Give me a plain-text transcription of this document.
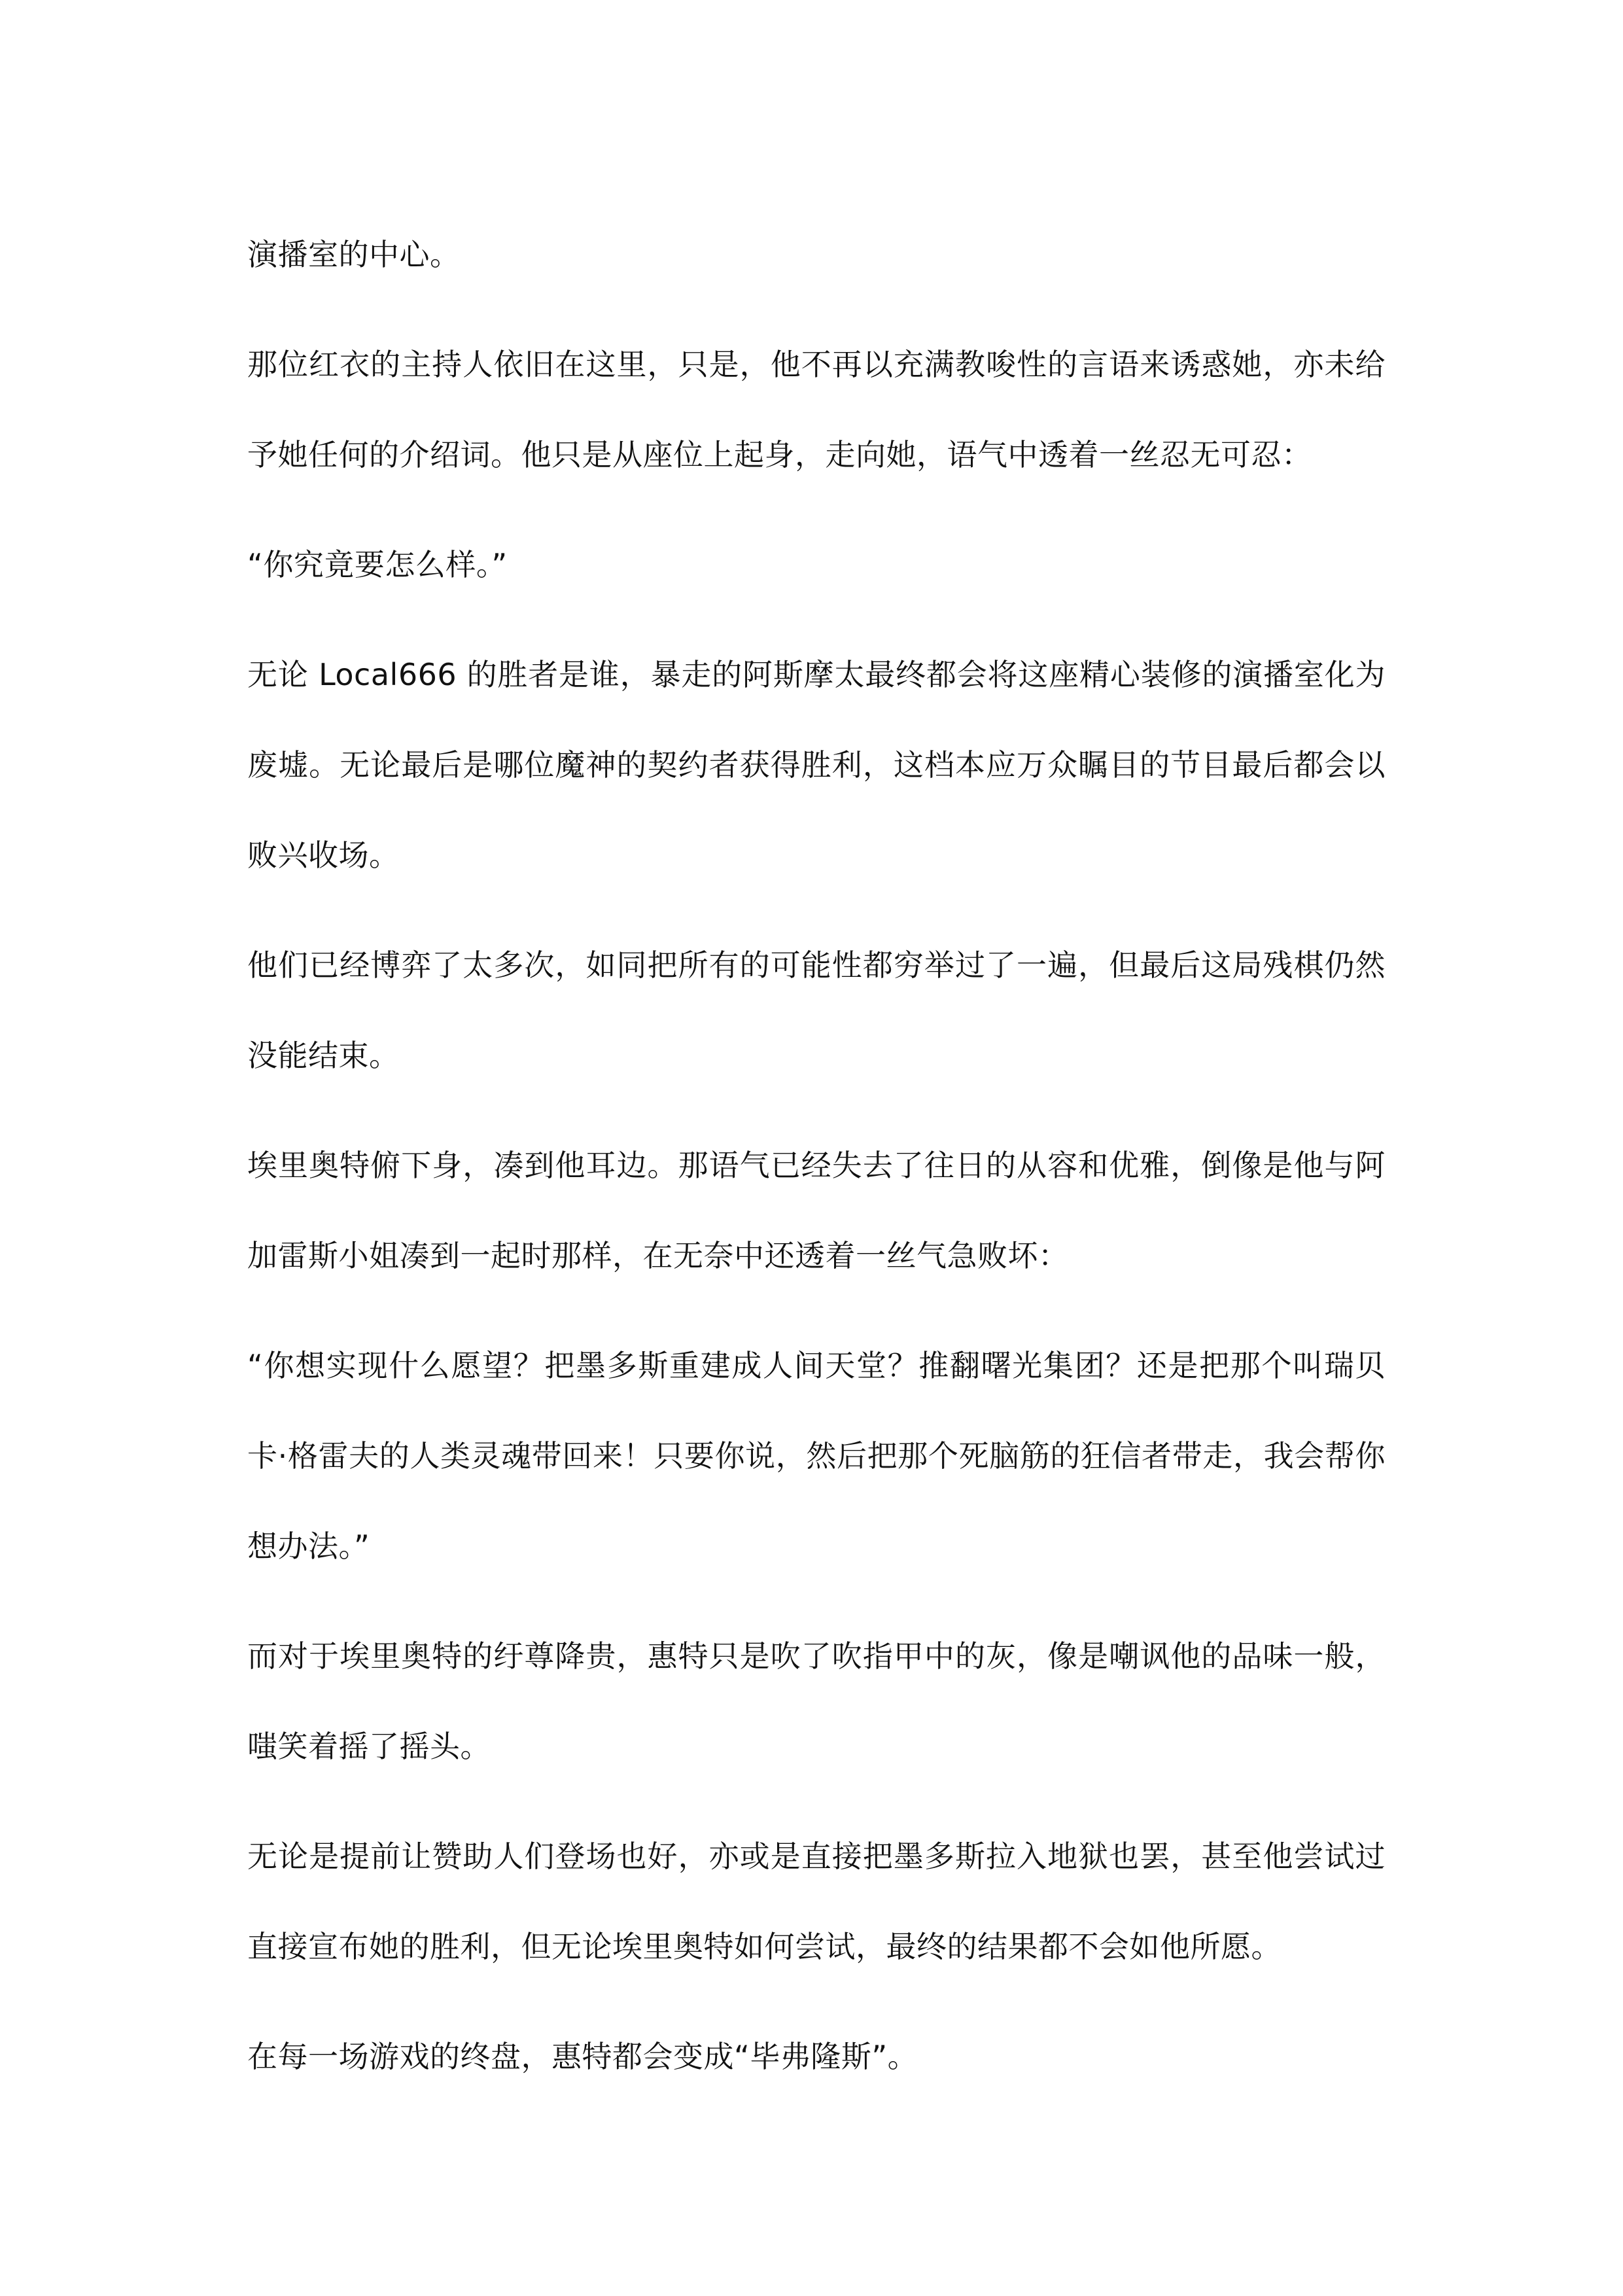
演播室的中心。

那位红衣的主持人依旧在这里，只是，他不再以充满教唆性的言语来诱惑她，亦未给予她任何的介绍词。他只是从座位上起身，走向她，语气中透着一丝忍无可忍：

“你究竟要怎么样。”

无论 Local666 的胜者是谁，暴走的阿斯摩太最终都会将这座精心装修的演播室化为废墟。无论最后是哪位魔神的契约者获得胜利，这档本应万众瞩目的节目最后都会以败兴收场。

他们已经博弈了太多次，如同把所有的可能性都穷举过了一遍，但最后这局残棋仍然没能结束。

埃里奥特俯下身，凑到他耳边。那语气已经失去了往日的从容和优雅，倒像是他与阿加雷斯小姐凑到一起时那样，在无奈中还透着一丝气急败坏：

“你想实现什么愿望？把墨多斯重建成人间天堂？推翻曙光集团？还是把那个叫瑞贝卡·格雷夫的人类灵魂带回来！只要你说，然后把那个死脑筋的狂信者带走，我会帮你想办法。”

而对于埃里奥特的纡尊降贵，惠特只是吹了吹指甲中的灰，像是嘲讽他的品味一般，嗤笑着摇了摇头。

无论是提前让赞助人们登场也好，亦或是直接把墨多斯拉入地狱也罢，甚至他尝试过直接宣布她的胜利，但无论埃里奥特如何尝试，最终的结果都不会如他所愿。

在每一场游戏的终盘，惠特都会变成“毕弗隆斯”。
